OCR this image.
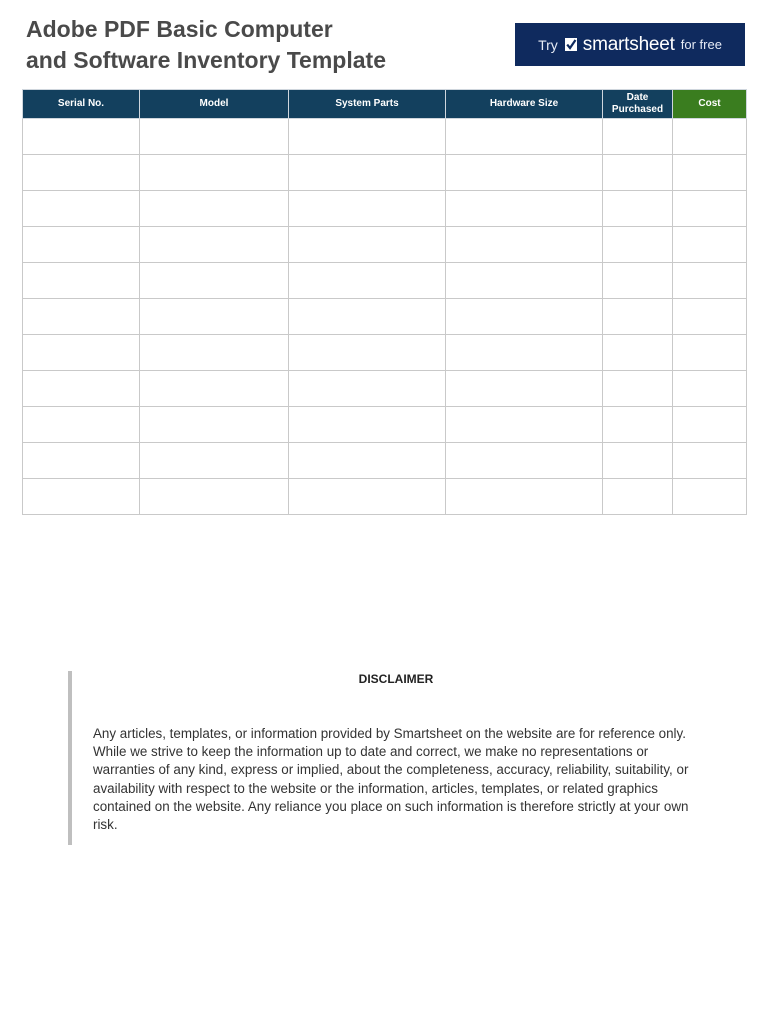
Adobe PDF Basic Computer
and Software Inventory Template
Try smartsheet for free
Serial No.	Model	System Parts	Hardware Size	Date Purchased	Cost

DISCLAIMER

Any articles, templates, or information provided by Smartsheet on the website are for reference only. While we strive to keep the information up to date and correct, we make no representations or warranties of any kind, express or implied, about the completeness, accuracy, reliability, suitability, or availability with respect to the website or the information, articles, templates, or related graphics contained on the website. Any reliance you place on such information is therefore strictly at your own risk.
